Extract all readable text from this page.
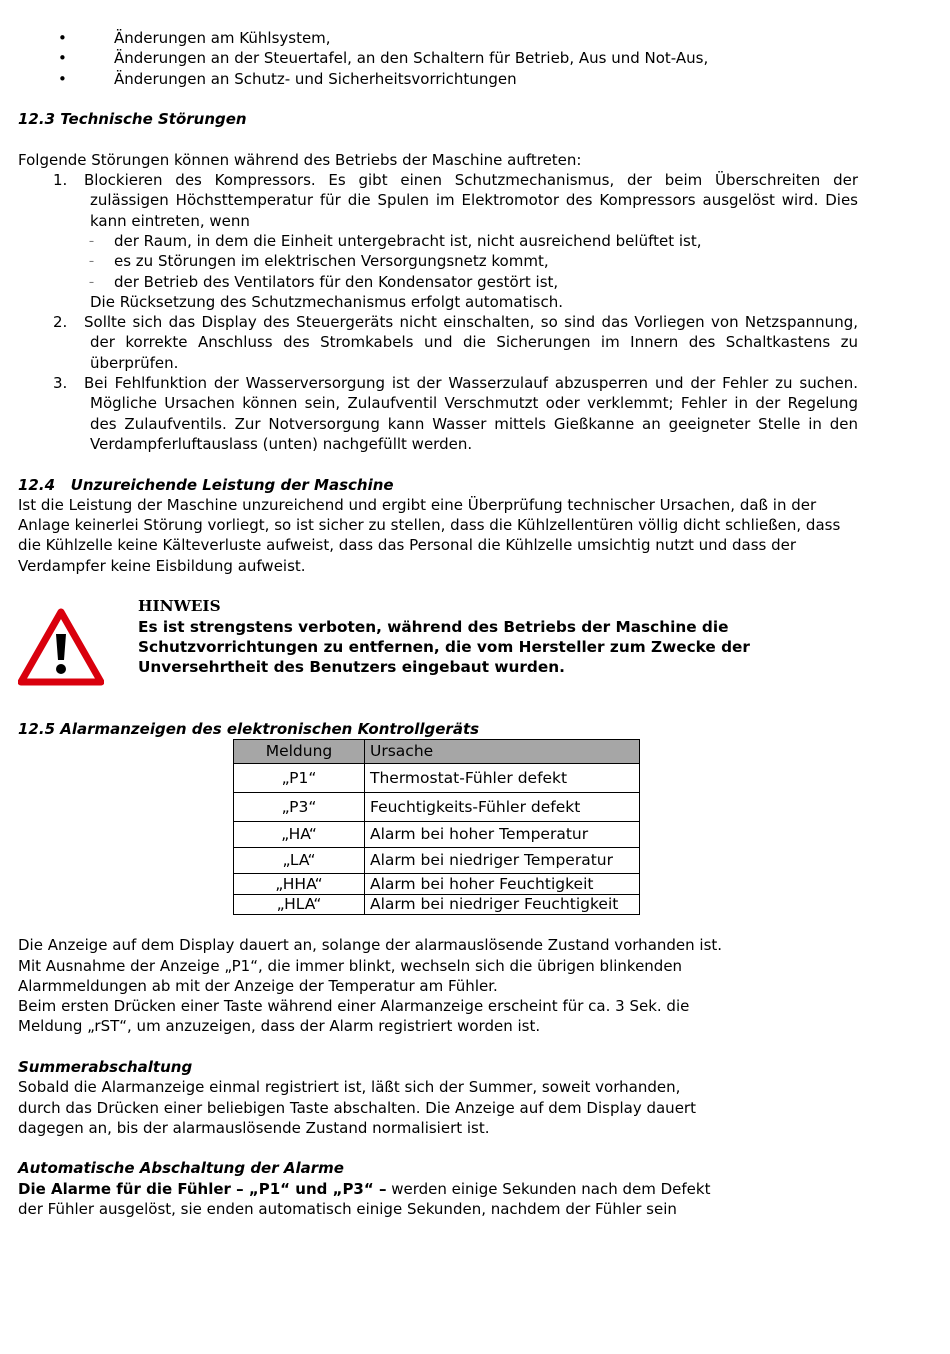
• Änderungen am Kühlsystem,
• Änderungen an der Steuertafel, an den Schaltern für Betrieb, Aus und Not-Aus,
• Änderungen an Schutz- und Sicherheitsvorrichtungen

12.3 Technische Störungen

Folgende Störungen können während des Betriebs der Maschine auftreten:

1. Blockieren des Kompressors. Es gibt einen Schutzmechanismus, der beim Überschreiten der zulässigen Höchsttemperatur für die Spulen im Elektromotor des Kompressors ausgelöst wird. Dies kann eintreten, wenn
– der Raum, in dem die Einheit untergebracht ist, nicht ausreichend belüftet ist,
– es zu Störungen im elektrischen Versorgungsnetz kommt,
– der Betrieb des Ventilators für den Kondensator gestört ist,
Die Rücksetzung des Schutzmechanismus erfolgt automatisch.
2. Sollte sich das Display des Steuergeräts nicht einschalten, so sind das Vorliegen von Netzspannung, der korrekte Anschluss des Stromkabels und die Sicherungen im Innern des Schaltkastens zu überprüfen.
3. Bei Fehlfunktion der Wasserversorgung ist der Wasserzulauf abzusperren und der Fehler zu suchen. Mögliche Ursachen können sein, Zulaufventil Verschmutzt oder verklemmt; Fehler in der Regelung des Zulaufventils. Zur Notversorgung kann Wasser mittels Gießkanne an geeigneter Stelle in den Verdampferluftauslass (unten) nachgefüllt werden.

12.4   Unzureichende Leistung der Maschine

Ist die Leistung der Maschine unzureichend und ergibt eine Überprüfung technischer Ursachen, daß in der Anlage keinerlei Störung vorliegt, so ist sicher zu stellen, dass die Kühlzellentüren völlig dicht schließen, dass die Kühlzelle keine Kälteverluste aufweist, dass das Personal die Kühlzelle umsichtig nutzt und dass der Verdampfer keine Eisbildung aufweist.

HINWEIS
Es ist strengstens verboten, während des Betriebs der Maschine die Schutzvorrichtungen zu entfernen, die vom Hersteller zum Zwecke der Unversehrtheit des Benutzers eingebaut wurden.

12.5 Alarmanzeigen des elektronischen Kontrollgeräts

Meldung	Ursache
„P1“	Thermostat-Fühler defekt
„P3“	Feuchtigkeits-Fühler defekt
„HA“	Alarm bei hoher Temperatur
„LA“	Alarm bei niedriger Temperatur
„HHA“	Alarm bei hoher Feuchtigkeit
„HLA“	Alarm bei niedriger Feuchtigkeit

Die Anzeige auf dem Display dauert an, solange der alarmauslösende Zustand vorhanden ist.

Mit Ausnahme der Anzeige „P1“, die immer blinkt, wechseln sich die übrigen blinkenden Alarmmeldungen ab mit der Anzeige der Temperatur am Fühler.

Beim ersten Drücken einer Taste während einer Alarmanzeige erscheint für ca. 3 Sek. die Meldung „rST“, um anzuzeigen, dass der Alarm registriert worden ist.

Summerabschaltung

Sobald die Alarmanzeige einmal registriert ist, läßt sich der Summer, soweit vorhanden, durch das Drücken einer beliebigen Taste abschalten. Die Anzeige auf dem Display dauert dagegen an, bis der alarmauslösende Zustand normalisiert ist.

Automatische Abschaltung der Alarme

Die Alarme für die Fühler – „P1“ und „P3“ – werden einige Sekunden nach dem Defekt der Fühler ausgelöst, sie enden automatisch einige Sekunden, nachdem der Fühler sein
